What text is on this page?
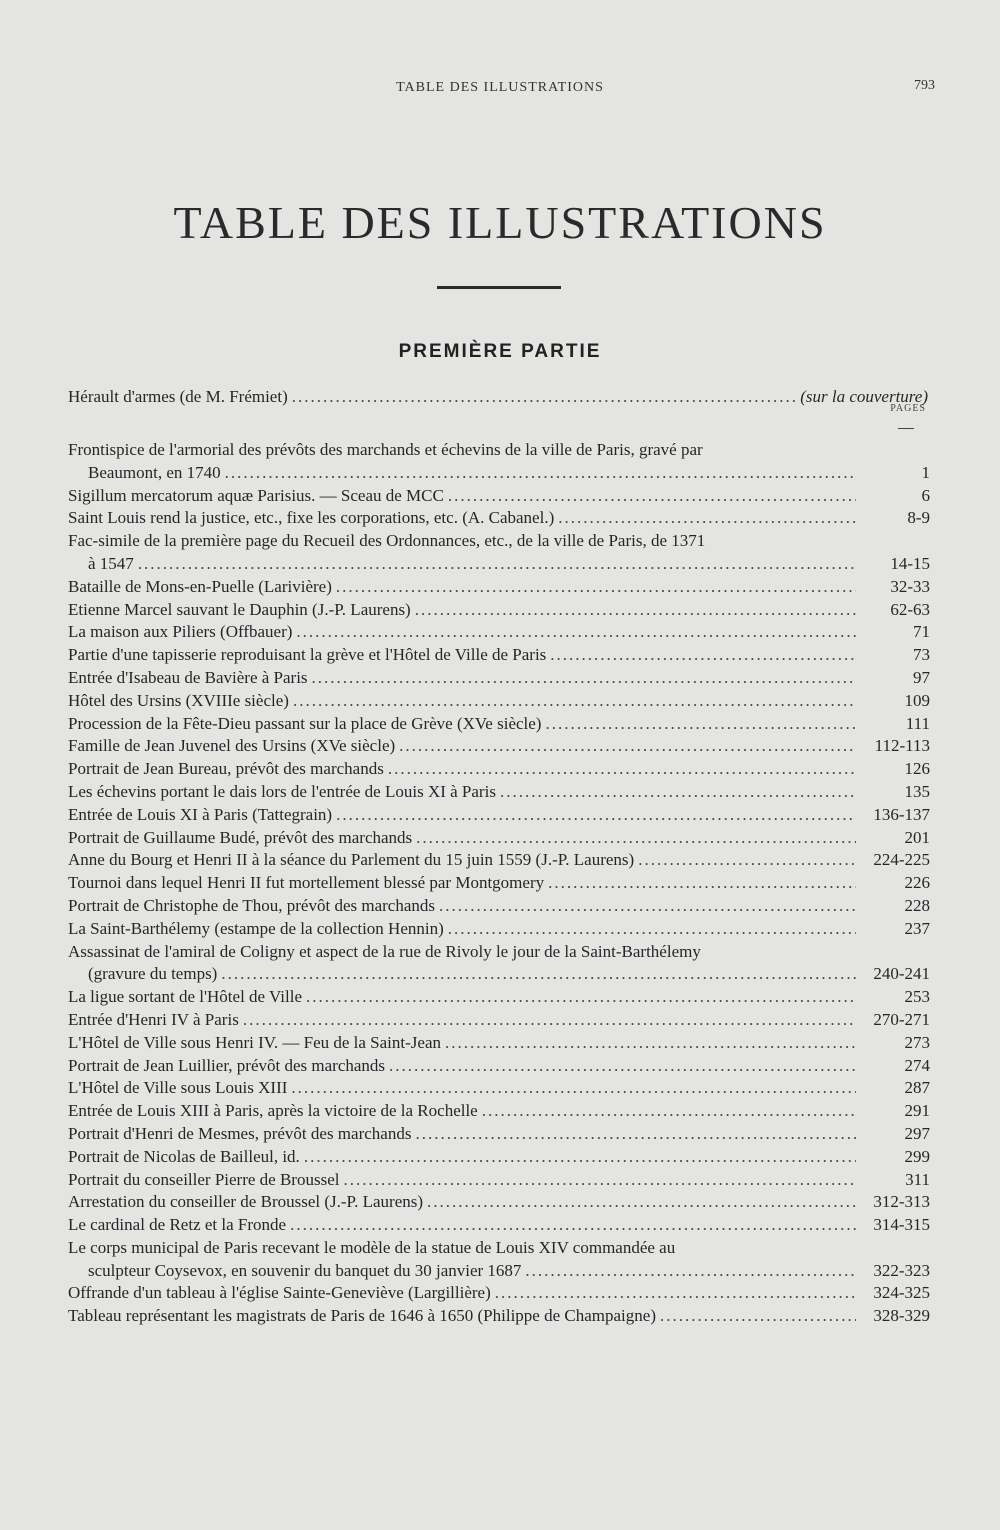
TABLE DES ILLUSTRATIONS	793
TABLE DES ILLUSTRATIONS
PREMIÈRE PARTIE
Hérault d'armes (de M. Frémiet) .....	(sur la couverture)
PAGES
Frontispice de l'armorial des prévôts des marchands et échevins de la ville de Paris, gravé par
Beaumont, en 1740 .....	1
Sigillum mercatorum aquæ Parisius. — Sceau de MCC .....	6
Saint Louis rend la justice, etc., fixe les corporations, etc. (A. Cabanel.) .....	8-9
Fac-simile de la première page du Recueil des Ordonnances, etc., de la ville de Paris, de 1371
à 1547 .....	14-15
Bataille de Mons-en-Puelle (Larivière) .....	32-33
Etienne Marcel sauvant le Dauphin (J.-P. Laurens) .....	62-63
La maison aux Piliers (Offbauer) .....	71
Partie d'une tapisserie reproduisant la grève et l'Hôtel de Ville de Paris .....	73
Entrée d'Isabeau de Bavière à Paris .....	97
Hôtel des Ursins (XVIIIe siècle) .....	109
Procession de la Fête-Dieu passant sur la place de Grève (XVe siècle) .....	111
Famille de Jean Juvenel des Ursins (XVe siècle) .....	112-113
Portrait de Jean Bureau, prévôt des marchands .....	126
Les échevins portant le dais lors de l'entrée de Louis XI à Paris .....	135
Entrée de Louis XI à Paris (Tattegrain) .....	136-137
Portrait de Guillaume Budé, prévôt des marchands .....	201
Anne du Bourg et Henri II à la séance du Parlement du 15 juin 1559 (J.-P. Laurens) .....	224-225
Tournoi dans lequel Henri II fut mortellement blessé par Montgomery .....	226
Portrait de Christophe de Thou, prévôt des marchands .....	228
La Saint-Barthélemy (estampe de la collection Hennin) .....	237
Assassinat de l'amiral de Coligny et aspect de la rue de Rivoly le jour de la Saint-Barthélemy
(gravure du temps) .....	240-241
La ligue sortant de l'Hôtel de Ville .....	253
Entrée d'Henri IV à Paris .....	270-271
L'Hôtel de Ville sous Henri IV. — Feu de la Saint-Jean .....	273
Portrait de Jean Luillier, prévôt des marchands .....	274
L'Hôtel de Ville sous Louis XIII .....	287
Entrée de Louis XIII à Paris, après la victoire de la Rochelle .....	291
Portrait d'Henri de Mesmes, prévôt des marchands .....	297
Portrait de Nicolas de Bailleul, id. .....	299
Portrait du conseiller Pierre de Broussel .....	311
Arrestation du conseiller de Broussel (J.-P. Laurens) .....	312-313
Le cardinal de Retz et la Fronde .....	314-315
Le corps municipal de Paris recevant le modèle de la statue de Louis XIV commandée au
sculpteur Coysevox, en souvenir du banquet du 30 janvier 1687 .....	322-323
Offrande d'un tableau à l'église Sainte-Geneviève (Largillière) .....	324-325
Tableau représentant les magistrats de Paris de 1646 à 1650 (Philippe de Champaigne) .....	328-329
